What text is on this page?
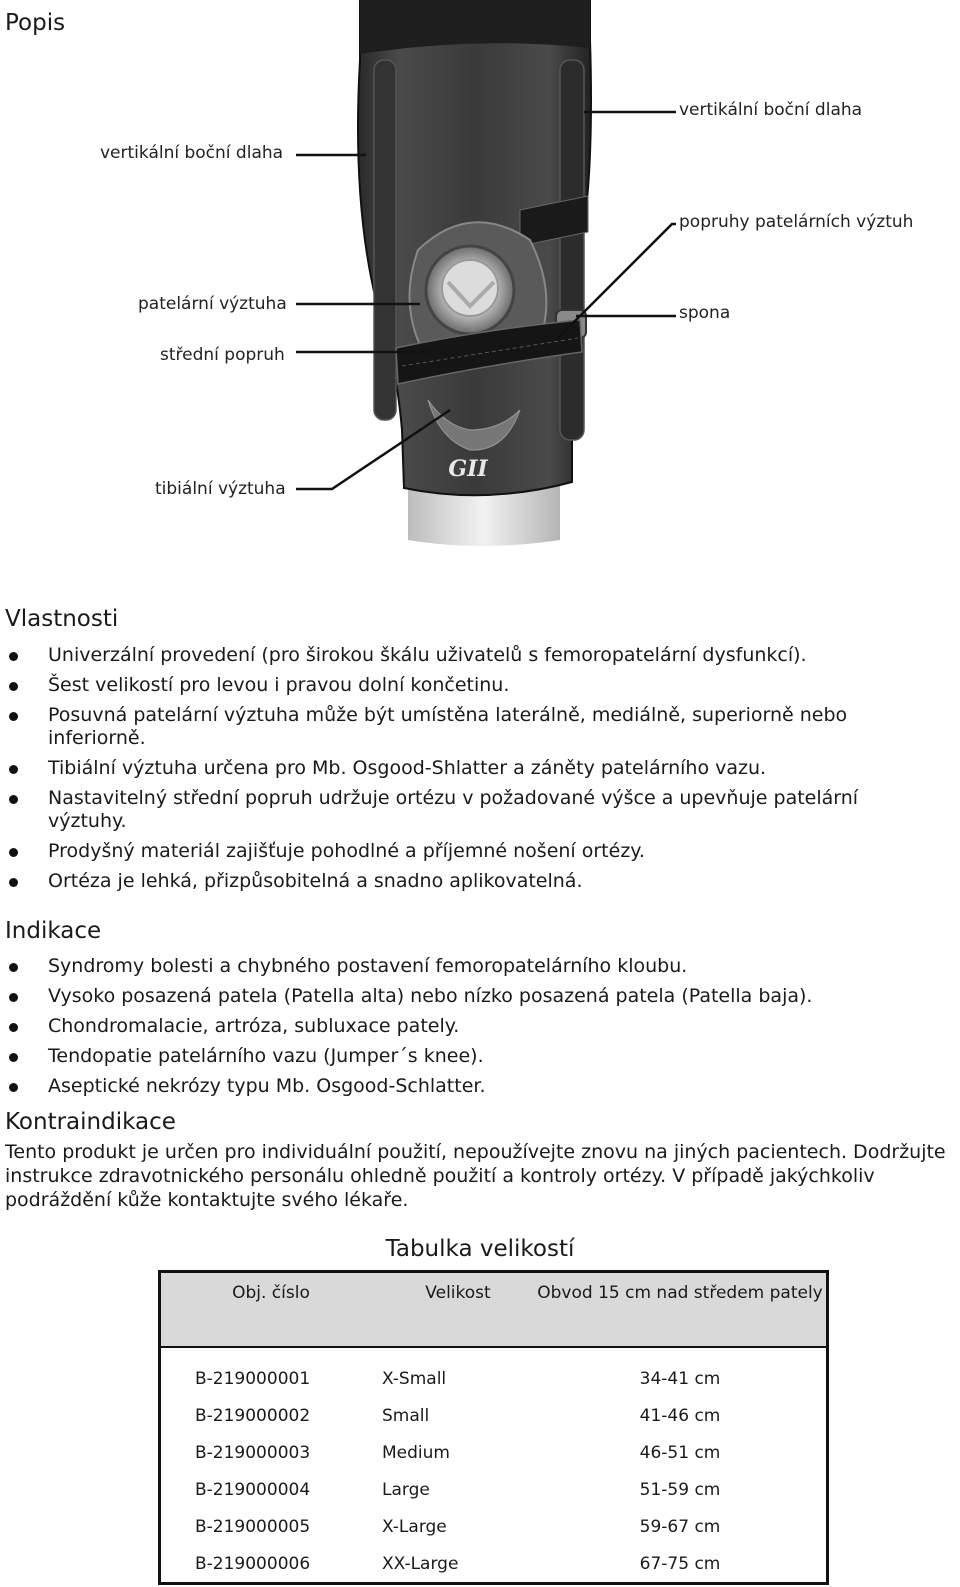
Popis
GII
vertikální boční dlaha
patelární výztuha
střední popruh
tibiální výztuha
vertikální boční dlaha
popruhy patelárních výztuh
spona
Vlastnosti
Univerzální provedení (pro širokou škálu uživatelů s femoropatelární dysfunkcí).
Šest velikostí pro levou i pravou dolní končetinu.
Posuvná patelární výztuha může být umístěna laterálně, mediálně, superiorně nebo inferiorně.
Tibiální výztuha určena pro Mb. Osgood-Shlatter a záněty patelárního vazu.
Nastavitelný střední popruh udržuje ortézu v požadované výšce a upevňuje patelární výztuhy.
Prodyšný materiál zajišťuje pohodlné a příjemné nošení ortézy.
Ortéza je lehká, přizpůsobitelná a snadno aplikovatelná.
Indikace
Syndromy bolesti a chybného postavení femoropatelárního kloubu.
Vysoko posazená patela (Patella alta) nebo nízko posazená patela (Patella baja).
Chondromalacie, artróza, subluxace pately.
Tendopatie patelárního vazu (Jumper´s knee).
Aseptické nekrózy typu Mb. Osgood-Schlatter.
Kontraindikace

Tento produkt je určen pro individuální použití, nepoužívejte znovu na jiných pacientech. Dodržujte instrukce zdravotnického personálu ohledně použití a kontroly ortézy. V případě jakýchkoliv podráždění kůže kontaktujte svého lékaře.

Tabulka velikostí
Obj. číslo	Velikost	Obvod 15 cm nad středem pately

B-219000001	X-Small	34-41 cm
B-219000002	Small	41-46 cm
B-219000003	Medium	46-51 cm
B-219000004	Large	51-59 cm
B-219000005	X-Large	59-67 cm
B-219000006	XX-Large	67-75 cm
